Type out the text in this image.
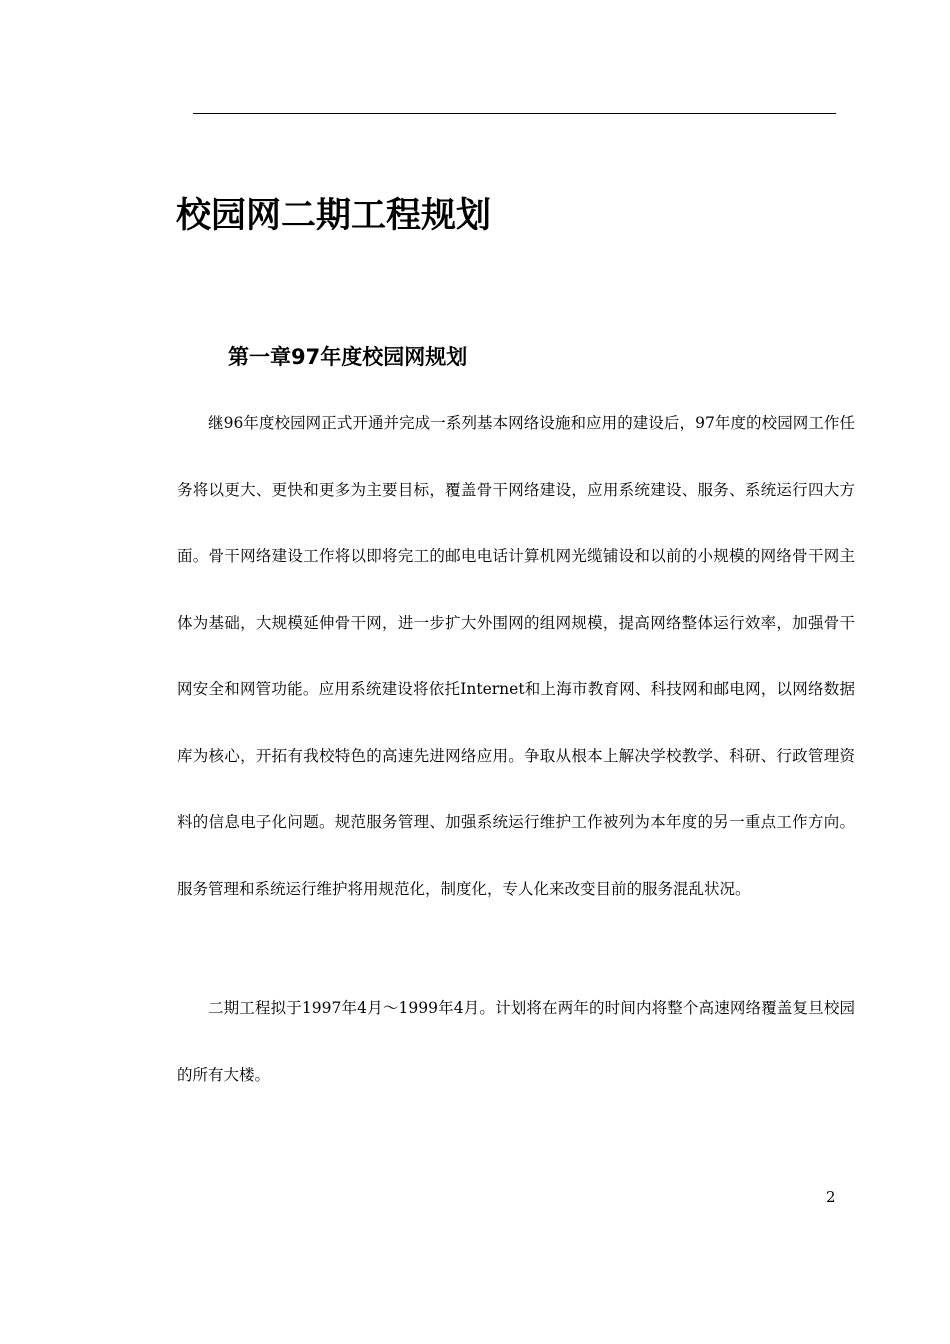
校园网二期工程规划
第一章97年度校园网规划

继96年度校园网正式开通并完成一系列基本网络设施和应用的建设后，97年度的校园网工作任务将以更大、更快和更多为主要目标，覆盖骨干网络建设，应用系统建设、服务、系统运行四大方面。骨干网络建设工作将以即将完工的邮电电话计算机网光缆铺设和以前的小规模的网络骨干网主体为基础，大规模延伸骨干网，进一步扩大外围网的组网规模，提高网络整体运行效率，加强骨干网安全和网管功能。应用系统建设将依托Internet和上海市教育网、科技网和邮电网，以网络数据库为核心，开拓有我校特色的高速先进网络应用。争取从根本上解决学校教学、科研、行政管理资料的信息电子化问题。规范服务管理、加强系统运行维护工作被列为本年度的另一重点工作方向。服务管理和系统运行维护将用规范化，制度化，专人化来改变目前的服务混乱状况。

二期工程拟于1997年4月～1999年4月。计划将在两年的时间内将整个高速网络覆盖复旦校园的所有大楼。

2
